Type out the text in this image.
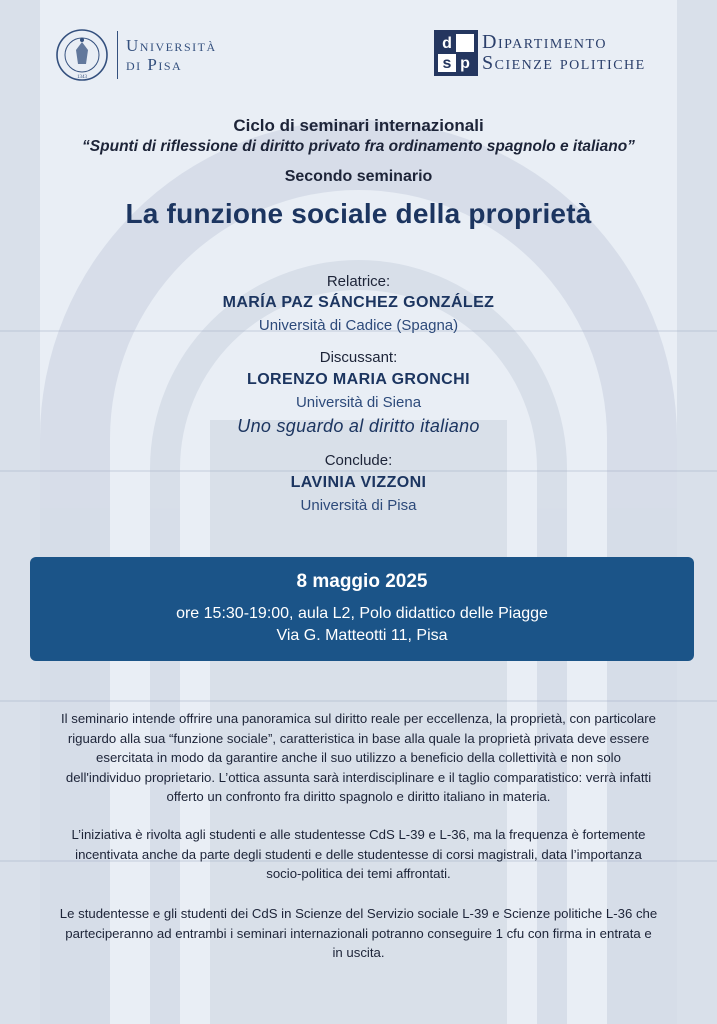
1343
Università
di Pisa
d
p
s
Dipartimento
Scienze politiche
Ciclo di seminari internazionali
“Spunti di riflessione di diritto privato fra ordinamento spagnolo e italiano”
Secondo seminario
La funzione sociale della proprietà
Relatrice:
MARÍA PAZ SÁNCHEZ GONZÁLEZ
Università di Cadice (Spagna)
Discussant:
LORENZO MARIA GRONCHI
Università di Siena
Uno sguardo al diritto italiano
Conclude:
LAVINIA VIZZONI
Università di Pisa
8 maggio 2025
ore 15:30-19:00, aula L2, Polo didattico delle Piagge
Via G. Matteotti 11, Pisa
Il seminario intende offrire una panoramica sul diritto reale per eccellenza, la proprietà, con particolare
riguardo alla sua “funzione sociale”, caratteristica in base alla quale la proprietà privata deve essere
esercitata in modo da garantire anche il suo utilizzo a beneficio della collettività e non solo
dell'individuo proprietario. L’ottica assunta sarà interdisciplinare e il taglio comparatistico: verrà infatti
offerto un confronto fra diritto spagnolo e diritto italiano in materia.
L’iniziativa è rivolta agli studenti e alle studentesse CdS L-39 e L-36, ma la frequenza è fortemente
incentivata anche da parte degli studenti e delle studentesse di corsi magistrali, data l’importanza
socio-politica dei temi affrontati.
Le studentesse e gli studenti dei CdS in Scienze del Servizio sociale L-39 e Scienze politiche L-36 che
parteciperanno ad entrambi i seminari internazionali potranno conseguire 1 cfu con firma in entrata e
in uscita.
